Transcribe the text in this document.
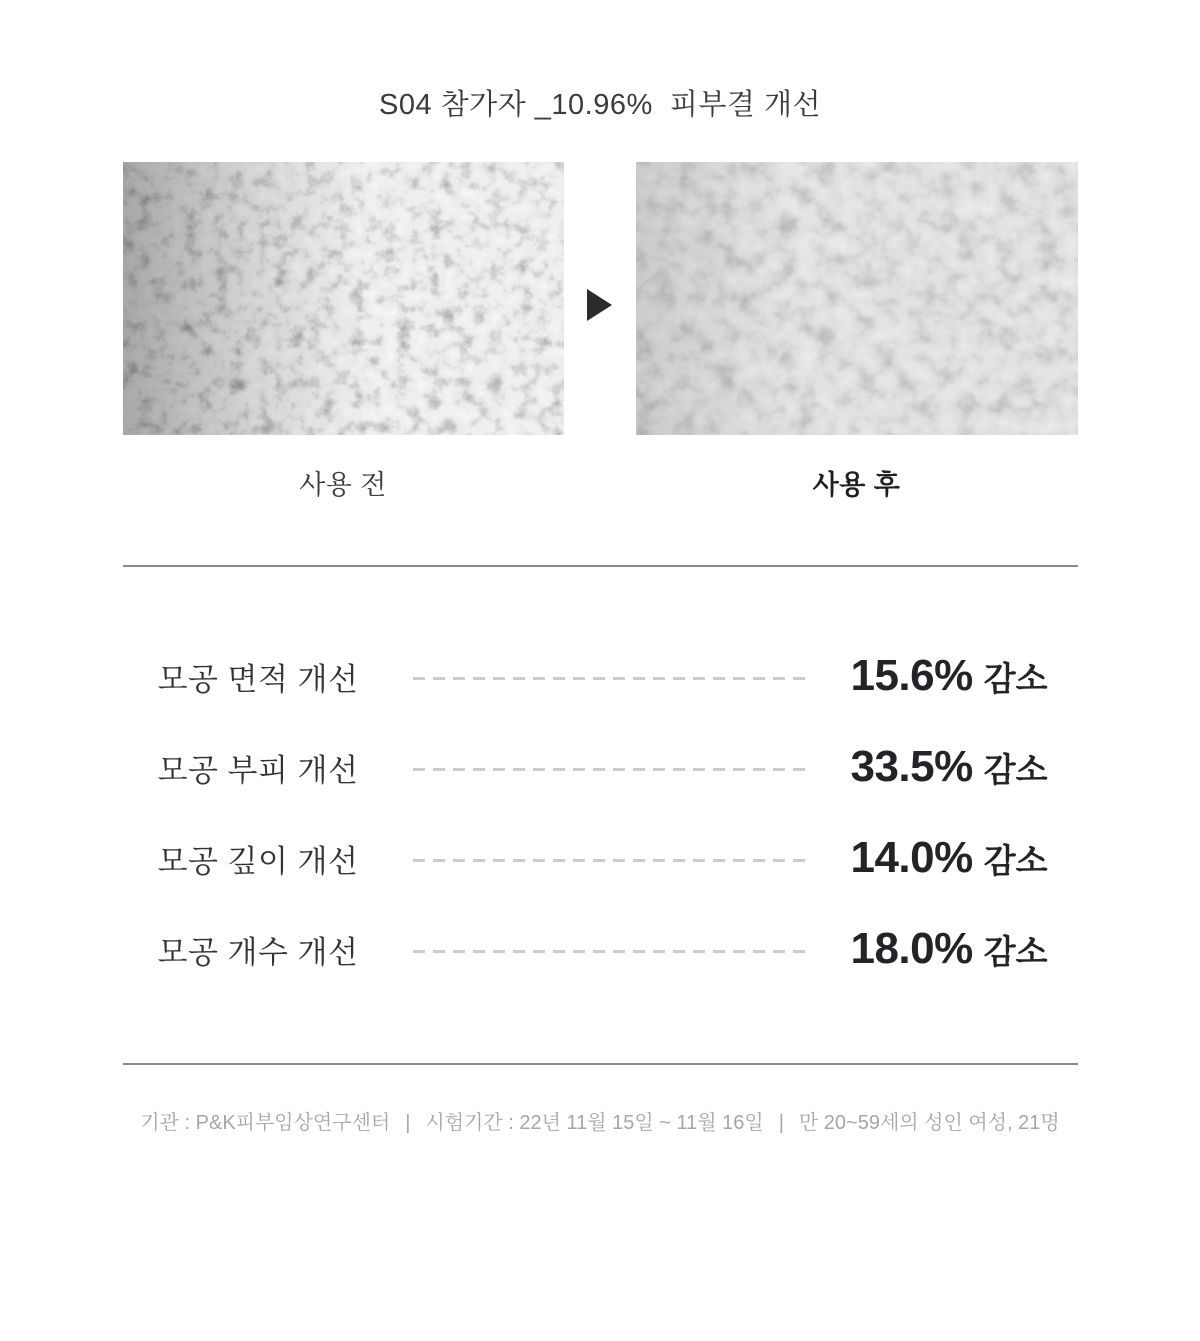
S04 참가자 _10.96%  피부결 개선
사용 전	사용 후
모공 면적 개선	15.6% 감소
모공 부피 개선	33.5% 감소
모공 깊이 개선	14.0% 감소
모공 개수 개선	18.0% 감소
기관 : P&K피부임상연구센터 | 시험기간 : 22년 11월 15일 ~ 11월 16일 | 만 20~59세의 성인 여성, 21명
